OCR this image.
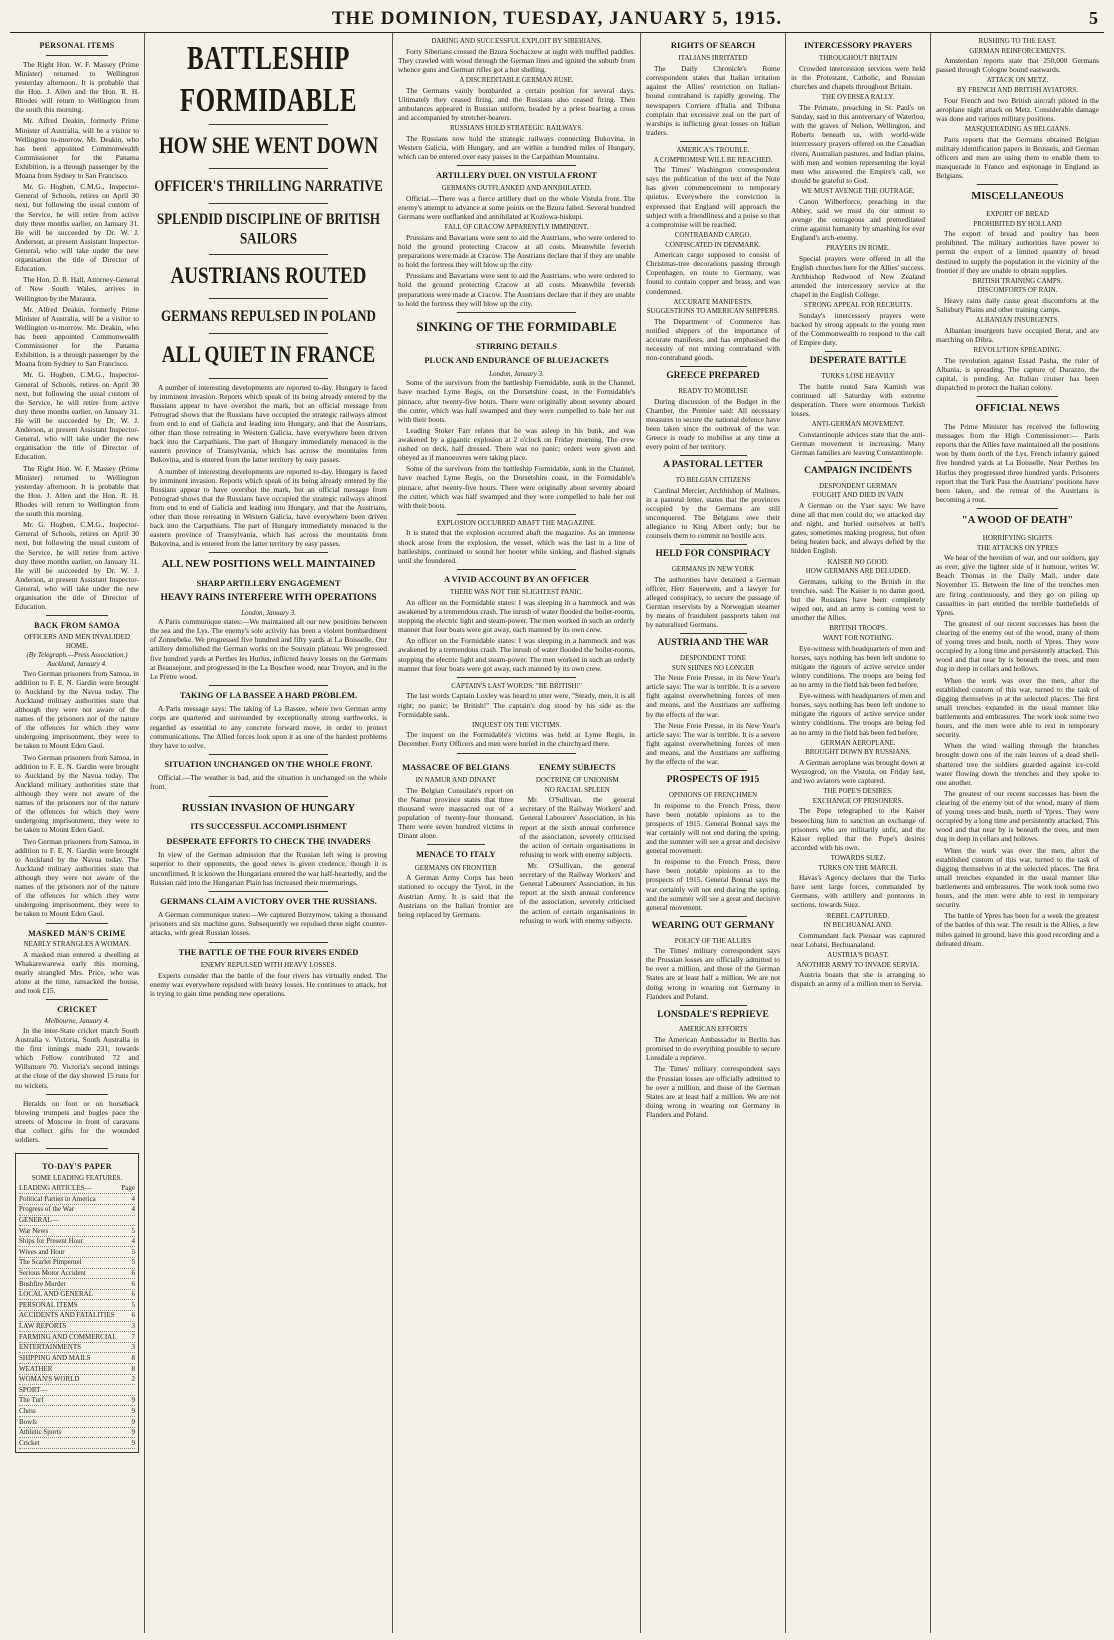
THE DOMINION, TUESDAY, JANUARY 5, 1915.	5
PERSONAL ITEMS

The Right Hon. W. F. Massey (Prime Minister) returned to Wellington yesterday afternoon. It is probable that the Hon. J. Allen and the Hon. R. H. Rhodes will return to Wellington from the south this morning.

Mr. Alfred Deakin, formerly Prime Minister of Australia, will be a visitor to Wellington to-morrow. Mr. Deakin, who has been appointed Commonwealth Commissioner for the Panama Exhibition, is a through passenger by the Moana from Sydney to San Francisco.

Mr. G. Hogben, C.M.G., Inspector-General of Schools, retires on April 30 next, but following the usual custom of the Service, he will retire from active duty three months earlier, on January 31. He will be succeeded by Dr. W. J. Anderson, at present Assistant Inspector-General, who will take under the new organisation the title of Director of Education.

The Hon. D. R. Hall, Attorney-General of New South Wales, arrives in Wellington by the Maraura.

Mr. Alfred Deakin, formerly Prime Minister of Australia, will be a visitor to Wellington to-morrow. Mr. Deakin, who has been appointed Commonwealth Commissioner for the Panama Exhibition, is a through passenger by the Moana from Sydney to San Francisco.

Mr. G. Hogben, C.M.G., Inspector-General of Schools, retires on April 30 next, but following the usual custom of the Service, he will retire from active duty three months earlier, on January 31. He will be succeeded by Dr. W. J. Anderson, at present Assistant Inspector-General, who will take under the new organisation the title of Director of Education.

The Right Hon. W. F. Massey (Prime Minister) returned to Wellington yesterday afternoon. It is probable that the Hon. J. Allen and the Hon. R. H. Rhodes will return to Wellington from the south this morning.

Mr. G. Hogben, C.M.G., Inspector-General of Schools, retires on April 30 next, but following the usual custom of the Service, he will retire from active duty three months earlier, on January 31. He will be succeeded by Dr. W. J. Anderson, at present Assistant Inspector-General, who will take under the new organisation the title of Director of Education.

BACK FROM SAMOA
OFFICERS AND MEN INVALIDED HOME.
(By Telegraph.—Press Association.) Auckland, January 4.

Two German prisoners from Samoa, in addition to F. E. N. Gardin were brought to Auckland by the Navua today. The Auckland military authorities state that although they were not aware of the names of the prisoners nor of the nature of the offences for which they were undergoing imprisonment, they were to be taken to Mount Eden Gaol.

Two German prisoners from Samoa, in addition to F. E. N. Gardin were brought to Auckland by the Navua today. The Auckland military authorities state that although they were not aware of the names of the prisoners nor of the nature of the offences for which they were undergoing imprisonment, they were to be taken to Mount Eden Gaol.

Two German prisoners from Samoa, in addition to F. E. N. Gardin were brought to Auckland by the Navua today. The Auckland military authorities state that although they were not aware of the names of the prisoners nor of the nature of the offences for which they were undergoing imprisonment, they were to be taken to Mount Eden Gaol.

MASKED MAN'S CRIME
NEARLY STRANGLES A WOMAN.

A masked man entered a dwelling at Whakarewarewa early this morning, nearly strangled Mrs. Price, who was alone at the time, ransacked the house, and took £15.

CRICKET
Melbourne, January 4.

In the inter-State cricket match South Australia v. Victoria, South Australia in the first innings made 231, towards which Fellow contributed 72 and Willsmore 70. Victoria's second innings at the close of the day showed 15 runs for no wickets.

Heralds on foot or on horseback blowing trumpets and bugles pace the streets of Moscow in front of caravans that collect gifts for the wounded soldiers.

TO-DAY'S PAPER
SOME LEADING FEATURES.
LEADING ARTICLES—	Page
Political Parties in America	4
Progress of the War	4
GENERAL—
War News	5
Ships for Present Hour	4
Wives and Hour	5
The Scarlet Pimpernel	5
Serious Motor Accident	6
Bushfire Murder	6
LOCAL AND GENERAL	6
PERSONAL ITEMS	5
ACCIDENTS AND FATALITIES 6
LAW REPORTS	3
FARMING AND COMMERCIAL 7
ENTERTAINMENTS	3
SHIPPING AND MAILS	8
WEATHER	8
WOMAN'S WORLD	2
SPORT—
The Turf	9
Chess	9
Bowls	9
Athletic Sports	9
Cricket	9
BATTLESHIP FORMIDABLE
HOW SHE WENT DOWN
OFFICER'S THRILLING NARRATIVE
SPLENDID DISCIPLINE OF BRITISH SAILORS
AUSTRIANS ROUTED
GERMANS REPULSED IN POLAND
ALL QUIET IN FRANCE

A number of interesting developments are reported to-day. Hungary is faced by imminent invasion. Reports which speak of its being already entered by the Russians appear to have overshot the mark, but an official message from Petrograd shows that the Russians have occupied the strategic railways almost from end to end of Galicia and leading into Hungary, and that the Austrians, other than those retreating in Western Galicia, have everywhere been driven back into the Carpathians. The part of Hungary immediately menaced is the eastern province of Transylvania, which has across the mountains from Bukovina, and is entered from the latter territory by easy passes.

A number of interesting developments are reported to-day. Hungary is faced by imminent invasion. Reports which speak of its being already entered by the Russians appear to have overshot the mark, but an official message from Petrograd shows that the Russians have occupied the strategic railways almost from end to end of Galicia and leading into Hungary, and that the Austrians, other than those retreating in Western Galicia, have everywhere been driven back into the Carpathians. The part of Hungary immediately menaced is the eastern province of Transylvania, which has across the mountains from Bukovina, and is entered from the latter territory by easy passes.

ALL NEW POSITIONS WELL MAINTAINED
SHARP ARTILLERY ENGAGEMENT
HEAVY RAINS INTERFERE WITH OPERATIONS
London, January 3.

A Paris communique states:—We maintained all our new positions between the sea and the Lys. The enemy's sole activity has been a violent bombardment of Zonnebeke. We progressed five hundred and fifty yards at La Boisselle. Our artillery demolished the German works on the Souvain plateau. We progressed five hundred yards at Perthes les Hurlus, inflicted heavy losses on the Germans at Beausejour, and progressed in the La Boschee wood, near Troyon, and in the Le Pretre wood.

TAKING OF LA BASSEE A HARD PROBLEM.

A Paris message says: The taking of La Bassee, where two German army corps are quartered and surrounded by exceptionally strong earthworks, is regarded as essential to any concrete forward move, in order to protect communications. The Allied forces look upon it as one of the hardest problems they have to solve.

SITUATION UNCHANGED ON THE WHOLE FRONT.

Official.—The weather is bad, and the situation is unchanged on the whole front.

RUSSIAN INVASION OF HUNGARY
ITS SUCCESSFUL ACCOMPLISHMENT
DESPERATE EFFORTS TO CHECK THE INVADERS

In view of the German admission that the Russian left wing is proving superior to their opponents, the good news is given credence, though it is unconfirmed. It is known the Hungarians entered the war half-heartedly, and the Russian raid into the Hungarian Plain has increased their murmurings.

GERMANS CLAIM A VICTORY OVER THE RUSSIANS.

A German communique states:—We captured Borzymow, taking a thousand prisoners and six machine guns. Subsequently we repulsed three night counter-attacks, with great Russian losses.

THE BATTLE OF THE FOUR RIVERS ENDED
ENEMY REPULSED WITH HEAVY LOSSES.

Experts consider that the battle of the four rivers has virtually ended. The enemy was everywhere repulsed with heavy losses. He continues to attack, but is trying to gain time pending new operations.

DARING AND SUCCESSFUL EXPLOIT BY SIBERIANS.

Forty Siberians crossed the Bzura Sochaczew at night with muffled paddles. They crawled with wood through the German lines and ignited the suburb from whence guns and German rifles got a hot shelling.

A DISCREDITABLE GERMAN RUSE.

The Germans vainly bombarded a certain position for several days. Ultimately they ceased firing, and the Russians also ceased firing. Then ambulances appeared in Russian uniform, headed by a priest bearing a cross and accompanied by stretcher-bearers.

RUSSIANS HOLD STRATEGIC RAILWAYS.

The Russians now hold the strategic railways connecting Bukovina, in Western Galicia, with Hungary, and are within a hundred miles of Hungary, which can be entered over easy passes in the Carpathian Mountains.

ARTILLERY DUEL ON VISTULA FRONT
GERMANS OUTFLANKED AND ANNIHILATED.

Official.—There was a fierce artillery duel on the whole Vistula front. The enemy's attempt to advance at some points on the Bzura failed. Several hundred Germans were outflanked and annihilated at Kozlowa-biskupi.

FALL OF CRACOW APPARENTLY IMMINENT.

Prussians and Bavarians were sent to aid the Austrians, who were ordered to hold the ground protecting Cracow at all costs. Meanwhile feverish preparations were made at Cracow. The Austrians declare that if they are unable to hold the fortress they will blow up the city.

Prussians and Bavarians were sent to aid the Austrians, who were ordered to hold the ground protecting Cracow at all costs. Meanwhile feverish preparations were made at Cracow. The Austrians declare that if they are unable to hold the fortress they will blow up the city.

SINKING OF THE FORMIDABLE
STIRRING DETAILS
PLUCK AND ENDURANCE OF BLUEJACKETS
London, January 3.

Some of the survivors from the battleship Formidable, sunk in the Channel, have reached Lyme Regis, on the Dorsetshire coast, in the Formidable's pinnace, after twenty-five hours. There were originally about seventy aboard the cutter, which was half swamped and they were compelled to bale her out with their boots.

Leading Stoker Farr relates that he was asleep in his bunk, and was awakened by a gigantic explosion at 2 o'clock on Friday morning. The crew rushed on deck, half dressed. There was no panic; orders were given and obeyed as if manoeuvres were taking place.

Some of the survivors from the battleship Formidable, sunk in the Channel, have reached Lyme Regis, on the Dorsetshire coast, in the Formidable's pinnace, after twenty-five hours. There were originally about seventy aboard the cutter, which was half swamped and they were compelled to bale her out with their boots.

EXPLOSION OCCURRED ABAFT THE MAGAZINE.

It is stated that the explosion occurred abaft the magazine. As an immense shock arose from the explosion, the vessel, which was the last in a line of battleships, continued to sound her hooter while sinking, and flashed signals until she foundered.

A VIVID ACCOUNT BY AN OFFICER
THERE WAS NOT THE SLIGHTEST PANIC.

An officer on the Formidable states: I was sleeping in a hammock and was awakened by a tremendous crash. The inrush of water flooded the boiler-rooms, stopping the electric light and steam-power. The men worked in such an orderly manner that four boats were got away, each manned by its own crew.

An officer on the Formidable states: I was sleeping in a hammock and was awakened by a tremendous crash. The inrush of water flooded the boiler-rooms, stopping the electric light and steam-power. The men worked in such an orderly manner that four boats were got away, each manned by its own crew.

CAPTAIN'S LAST WORDS: "BE BRITISH!"

The last words Captain Loxley was heard to utter were, "Steady, men, it is all right; no panic; be British!" The captain's dog stood by his side as the Formidable sank.

INQUEST ON THE VICTIMS.

The inquest on the Formidable's victims was held at Lyme Regis, in December. Forty Officers and men were buried in the churchyard there.

MASSACRE OF BELGIANS
IN NAMUR AND DINANT

The Belgian Consulate's report on the Namur province states that three thousand were massacred out of a population of twenty-four thousand. There were seven hundred victims in Dinant alone.

MENACE TO ITALY
GERMANS ON FRONTIER

A German Army Corps has been stationed to occupy the Tyrol, in the Austrian Army. It is said that the Austrians on the Italian frontier are being replaced by Germans.

ENEMY SUBJECTS
DOCTRINE OF UNIONISM
NO RACIAL SPLEEN

Mr. O'Sullivan, the general secretary of the Railway Workers' and General Labourers' Association, in his report at the sixth annual conference of the association, severely criticised the action of certain organisations in refusing to work with enemy subjects.

Mr. O'Sullivan, the general secretary of the Railway Workers' and General Labourers' Association, in his report at the sixth annual conference of the association, severely criticised the action of certain organisations in refusing to work with enemy subjects.

RIGHTS OF SEARCH
ITALIANS IRRITATED

The Daily Chronicle's Rome correspondent states that Italian irritation against the Allies' restriction on Italian-bound contraband is rapidly growing. The newspapers Corriere d'Italia and Tribuna complain that excessive zeal on the part of warships is inflicting great losses on Italian traders.

AMERICA'S TROUBLE.
A COMPROMISE WILL BE REACHED.

The Times' Washington correspondent says the publication of the text of the Note has given commencement to temporary quietus. Everywhere the conviction is expressed that England will approach the subject with a friendliness and a poise so that a compromise will be reached.

CONTRABAND CARGO.
CONFISCATED IN DENMARK.

American cargo supposed to consist of Christmas-tree decorations passing through Copenhagen, en route to Germany, was found to contain copper and brass, and was condemned.

ACCURATE MANIFESTS.
SUGGESTIONS TO AMERICAN SHIPPERS.

The Department of Commerce has notified shippers of the importance of accurate manifests, and has emphasised the necessity of not mixing contraband with non-contraband goods.

GREECE PREPARED
READY TO MOBILISE

During discussion of the Budget in the Chamber, the Premier said: All necessary measures to secure the national defence have been taken since the outbreak of the war. Greece is ready to mobilise at any time at every point of her territory.

A PASTORAL LETTER
TO BELGIAN CITIZENS

Cardinal Mercier, Archbishop of Malines, in a pastoral letter, states that the provinces occupied by the Germans are still unconquered. The Belgians owe their allegiance to King Albert only; but he counsels them to commit no hostile acts.

HELD FOR CONSPIRACY
GERMANS IN NEW YORK

The authorities have detained a German officer, Herr Sauerwein, and a lawyer for alleged conspiracy, to secure the passage of German reservists by a Norwegian steamer by means of fraudulent passports taken out by naturalised Germans.

AUSTRIA AND THE WAR
DESPONDENT TONE
SUN SHINES NO LONGER

The Neue Freie Presse, in its New Year's article says: The war is terrible. It is a severe fight against overwhelming forces of men and means, and the Austrians are suffering by the effects of the war.

The Neue Freie Presse, in its New Year's article says: The war is terrible. It is a severe fight against overwhelming forces of men and means, and the Austrians are suffering by the effects of the war.

PROSPECTS OF 1915
OPINIONS OF FRENCHMEN

In response to the French Press, there have been notable opinions as to the prospects of 1915. General Bonnal says the war certainly will not end during the spring, and the summer will see a great and decisive general movement.

In response to the French Press, there have been notable opinions as to the prospects of 1915. General Bonnal says the war certainly will not end during the spring, and the summer will see a great and decisive general movement.

WEARING OUT GERMANY
POLICY OF THE ALLIES

The Times' military correspondent says the Prussian losses are officially admitted to be over a million, and those of the German States are at least half a million. We are not doing wrong in wearing out Germany in Flanders and Poland.

LONSDALE'S REPRIEVE
AMERICAN EFFORTS

The American Ambassador in Berlin has promised to do everything possible to secure Lonsdale a reprieve.

The Times' military correspondent says the Prussian losses are officially admitted to be over a million, and those of the German States are at least half a million. We are not doing wrong in wearing out Germany in Flanders and Poland.

INTERCESSORY PRAYERS
THROUGHOUT BRITAIN

Crowded intercession services were held in the Protestant, Catholic, and Russian churches and chapels throughout Britain.

THE OVERSEA RALLY.

The Primate, preaching in St. Paul's on Sunday, said in this anniversary of Waterloo, with the graves of Nelson, Wellington, and Roberts beneath us, with world-wide intercessory prayers offered on the Canadian rivers, Australian pastures, and Indian plains, with men and women representing the loyal men who answered the Empire's call, we should be grateful to God.

WE MUST AVENGE THE OUTRAGE.

Canon Wilberforce, preaching in the Abbey, said we must do our utmost to avenge the outrageous and premeditated crime against humanity by smashing for ever England's arch-enemy.

PRAYERS IN ROME.

Special prayers were offered in all the English churches here for the Allies' success. Archbishop Redwood of New Zealand attended the intercessory service at the chapel in the English College.

STRONG APPEAL FOR RECRUITS.

Sunday's intercessory prayers were backed by strong appeals to the young men of the Commonwealth to respond to the call of Empire duty.

DESPERATE BATTLE
TURKS LOSE HEAVILY

The battle round Sara Kamish was continued all Saturday with extreme desperation. There were enormous Turkish losses.

ANTI-GERMAN MOVEMENT.

Constantinople advices state that the anti-German movement is increasing. Many German families are leaving Constantinople.

CAMPAIGN INCIDENTS
DESPONDENT GERMAN
FOUGHT AND DIED IN VAIN

A German on the Yser says: We have done all that men could do; we attacked day and night, and hurled ourselves at hell's gates, sometimes making progress, but often being beaten back, and always defied by the hidden English.

KAISER NO GOOD.
HOW GERMANS ARE DELUDED.

Germans, talking to the British in the trenches, said: The Kaiser is no damn good, but the Russians have been completely wiped out, and an army is coming west to smother the Allies.

BRITISH TROOPS.
WANT FOR NOTHING.

Eye-witness with headquarters of men and horses, says nothing has been left undone to mitigate the rigours of active service under wintry conditions. The troops are being fed as no army in the field has been fed before.

Eye-witness with headquarters of men and horses, says nothing has been left undone to mitigate the rigours of active service under wintry conditions. The troops are being fed as no army in the field has been fed before.

GERMAN AEROPLANE.
BROUGHT DOWN BY RUSSIANS.

A German aeroplane was brought down at Wyszogrod, on the Vistula, on Friday last, and two aviators were captured.

THE POPE'S DESIRES.
EXCHANGE OF PRISONERS.

The Pope telegraphed to the Kaiser beseeching him to sanction an exchange of prisoners who are militarily unfit, and the Kaiser replied that the Pope's desires accorded with his own.

TOWARDS SUEZ.
TURKS ON THE MARCH.

Havas's Agency declares that the Turks have sent large forces, commanded by Germans, with artillery and pontoons in sections, towards Suez.

REBEL CAPTURED.
IN BECHUANALAND.

Commandant Jack Pienaar was captured near Lobatsi, Bechuanaland.

AUSTRIA'S BOAST.
ANOTHER ARMY TO INVADE SERVIA.

Austria boasts that she is arranging to dispatch an army of a million men to Servia.

RUSHING TO THE EAST.
GERMAN REINFORCEMENTS.

Amsterdam reports state that 250,000 Germans passed through Cologne bound eastwards.

ATTACK ON METZ.
BY FRENCH AND BRITISH AVIATORS.

Four French and two British aircraft piloted in the aeroplane night attack on Metz. Considerable damage was done and various military positions.

MASQUERADING AS BELGIANS.

Paris reports that the Germans obtained Belgian military identification papers in Brussels, and German officers and men are using them to enable them to masquerade in France and espionage in England as Belgians.

MISCELLANEOUS
EXPORT OF BREAD
PROHIBITED BY HOLLAND

The export of bread and poultry has been prohibited. The military authorities have power to permit the export of a limited quantity of bread destined to supply the population in the vicinity of the frontier if they are unable to obtain supplies.

BRITISH TRAINING CAMPS.
DISCOMFORTS OF RAIN.

Heavy rains daily cause great discomforts at the Salisbury Plains and other training camps.

ALBANIAN INSURGENTS.

Albanian insurgents have occupied Berat, and are marching on Dibra.

REVOLUTION SPREADING.

The revolution against Essad Pasha, the ruler of Albania, is spreading. The capture of Durazzo, the capital, is pending. An Italian cruiser has been dispatched to protect the Italian colony.

OFFICIAL NEWS

The Prime Minister has received the following messages from the High Commissioner:— Paris reports that the Allies have maintained all the positions won by them north of the Lys. French infantry gained five hundred yards at La Boisselle. Near Perthes les Hurlus they progressed three hundred yards. Prisoners report that the Turk Pass the Austrians' positions have been taken, and the retreat of the Austrians is becoming a rout.

"A WOOD OF DEATH"
HORRIFYING SIGHTS
THE ATTACKS ON YPRES

We hear of the heroism of war, and our soldiers, gay as ever, give the lighter side of it humour, writes W. Beach Thomas in the Daily Mail, under date November 15. Between the line of the trenches men are firing continuously, and they go on piling up casualties in part entitled the terrible battlefields of Ypres.

The greatest of our recent successes has been the clearing of the enemy out of the wood, many of them of young trees and bush, north of Ypres. They were occupied by a long time and persistently attacked. This wood and that near by is beneath the trees, and men dug in deep in cellars and hollows.

When the work was over the men, after the established custom of this war, turned to the task of digging themselves in at the selected places. The first small trenches expanded in the usual manner like battlements and embrasures. The work took some two hours, and the men were able to rest in temporary security.

When the wind wailing through the branches brought down one of the rain leaves of a dead shell-shattered tree the soldiers guarded against ice-cold water flowing down the trenches and they spoke to one another.

The greatest of our recent successes has been the clearing of the enemy out of the wood, many of them of young trees and bush, north of Ypres. They were occupied by a long time and persistently attacked. This wood and that near by is beneath the trees, and men dug in deep in cellars and hollows.

When the work was over the men, after the established custom of this war, turned to the task of digging themselves in at the selected places. The first small trenches expanded in the usual manner like battlements and embrasures. The work took some two hours, and the men were able to rest in temporary security.

The battle of Ypres has been for a week the greatest of the battles of this war. The result is the Allies, a few miles gained in ground, have this good recording and a defeated dream.
